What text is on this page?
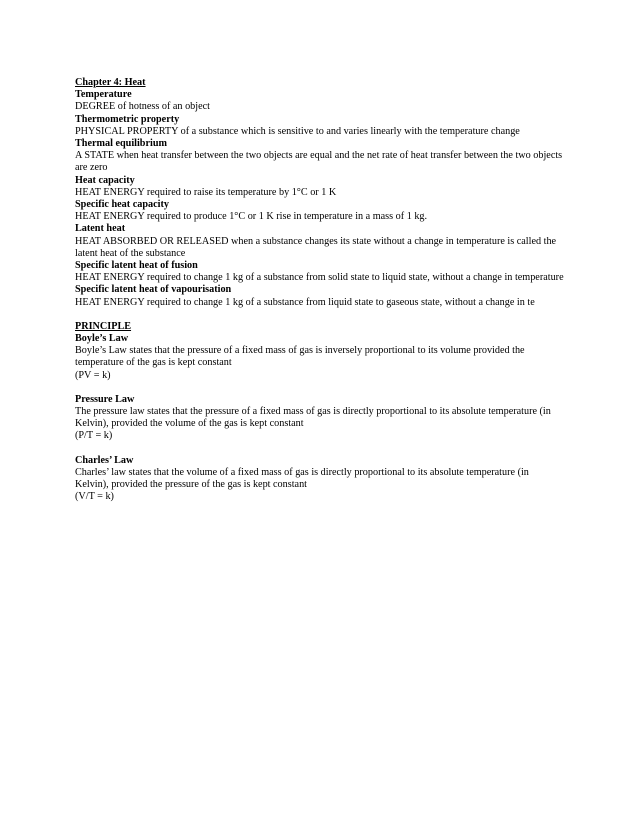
Chapter 4: Heat
Temperature
DEGREE of hotness of an object
Thermometric property
PHYSICAL PROPERTY of a substance which is sensitive to and varies linearly with the temperature change
Thermal equilibrium
A STATE when heat transfer between the two objects are equal and the net rate of heat transfer between the two objects are zero
Heat capacity
HEAT ENERGY required to raise its temperature by 1°C or 1 K
Specific heat capacity
HEAT ENERGY required to produce 1°C or 1 K rise in temperature in a mass of 1 kg.
Latent heat
HEAT ABSORBED OR RELEASED when a substance changes its state without a change in temperature is called the latent heat of the substance
Specific latent heat of fusion
HEAT ENERGY required to change 1 kg of a substance from solid state to liquid state, without a change in temperature
Specific latent heat of vapourisation
HEAT ENERGY required to change 1 kg of a substance from liquid state to gaseous state, without a change in te
PRINCIPLE
Boyle’s Law
Boyle’s Law states that the pressure of a fixed mass of gas is inversely proportional to its volume provided the temperature of the gas is kept constant
(PV = k)
Pressure Law
The pressure law states that the pressure of a fixed mass of gas is directly proportional to its absolute temperature (in Kelvin), provided the volume of the gas is kept constant
(P/T = k)
Charles’ Law
Charles’ law states that the volume of a fixed mass of gas is directly proportional to its absolute temperature (in Kelvin), provided the pressure of the gas is kept constant
(V/T = k)
